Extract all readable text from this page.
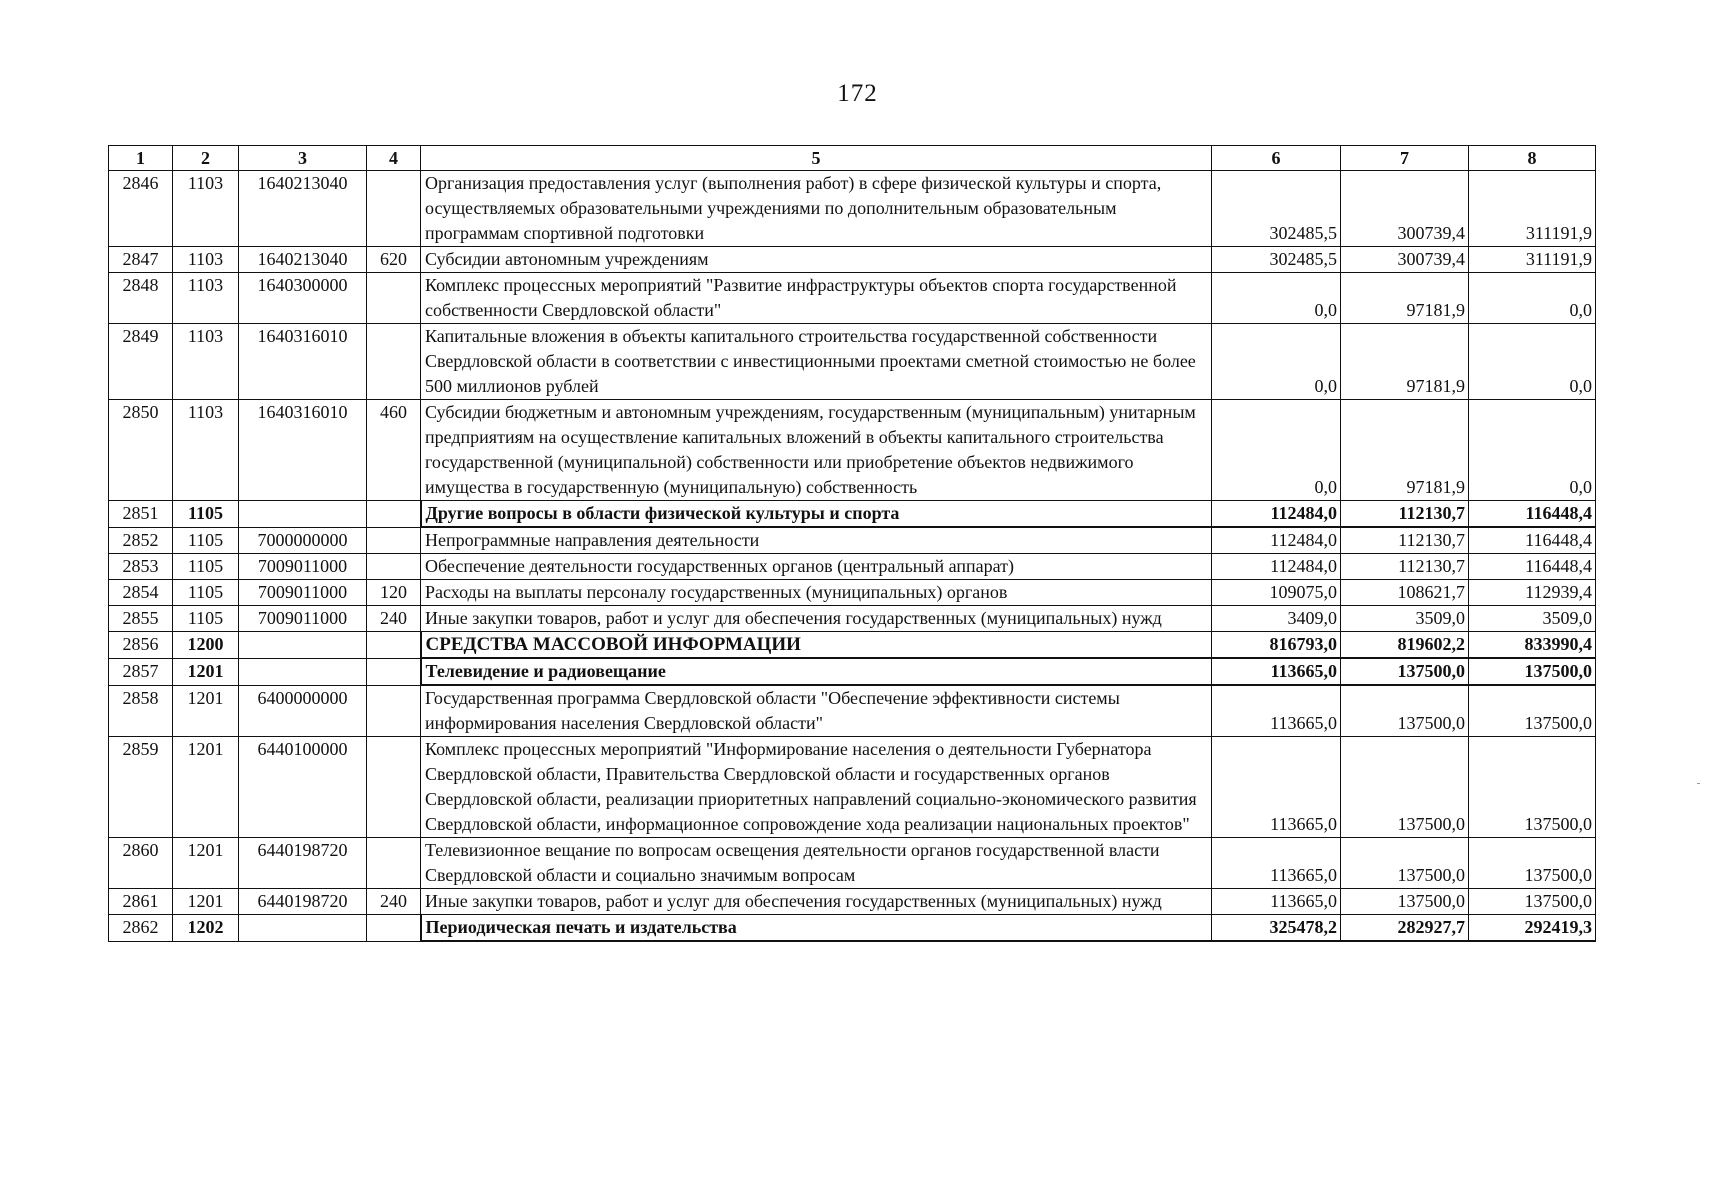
172
1	2	3	4	5	6	7	8
2846	1103	1640213040		Организация предоставления услуг (выполнения работ) в сфере физической культуры и спорта, осуществляемых образовательными учреждениями по дополнительным образовательным программам спортивной подготовки	302485,5	300739,4	311191,9
2847	1103	1640213040	620	Субсидии автономным учреждениям	302485,5	300739,4	311191,9
2848	1103	1640300000		Комплекс процессных мероприятий "Развитие инфраструктуры объектов спорта государственной собственности Свердловской области"	0,0	97181,9	0,0
2849	1103	1640316010		Капитальные вложения в объекты капитального строительства государственной собственности Свердловской области в соответствии с инвестиционными проектами сметной стоимостью не более 500 миллионов рублей	0,0	97181,9	0,0
2850	1103	1640316010	460	Субсидии бюджетным и автономным учреждениям, государственным (муниципальным) унитарным предприятиям на осуществление капитальных вложений в объекты капитального строительства государственной (муниципальной) собственности или приобретение объектов недвижимого имущества в государственную (муниципальную) собственность	0,0	97181,9	0,0
2851	1105			Другие вопросы в области физической культуры и спорта	112484,0	112130,7	116448,4
2852	1105	7000000000		Непрограммные направления деятельности	112484,0	112130,7	116448,4
2853	1105	7009011000		Обеспечение деятельности государственных органов (центральный аппарат)	112484,0	112130,7	116448,4
2854	1105	7009011000	120	Расходы на выплаты персоналу государственных (муниципальных) органов	109075,0	108621,7	112939,4
2855	1105	7009011000	240	Иные закупки товаров, работ и услуг для обеспечения государственных (муниципальных) нужд	3409,0	3509,0	3509,0
2856	1200			СРЕДСТВА МАССОВОЙ ИНФОРМАЦИИ	816793,0	819602,2	833990,4
2857	1201			Телевидение и радиовещание	113665,0	137500,0	137500,0
2858	1201	6400000000		Государственная программа Свердловской области "Обеспечение эффективности системы информирования населения Свердловской области"	113665,0	137500,0	137500,0
2859	1201	6440100000		Комплекс процессных мероприятий "Информирование населения о деятельности Губернатора Свердловской области, Правительства Свердловской области и государственных органов Свердловской области, реализации приоритетных направлений социально-экономического развития Свердловской области, информационное сопровождение хода реализации национальных проектов"	113665,0	137500,0	137500,0
2860	1201	6440198720		Телевизионное вещание по вопросам освещения деятельности органов государственной власти Свердловской области и социально значимым вопросам	113665,0	137500,0	137500,0
2861	1201	6440198720	240	Иные закупки товаров, работ и услуг для обеспечения государственных (муниципальных) нужд	113665,0	137500,0	137500,0
2862	1202			Периодическая печать и издательства	325478,2	282927,7	292419,3
